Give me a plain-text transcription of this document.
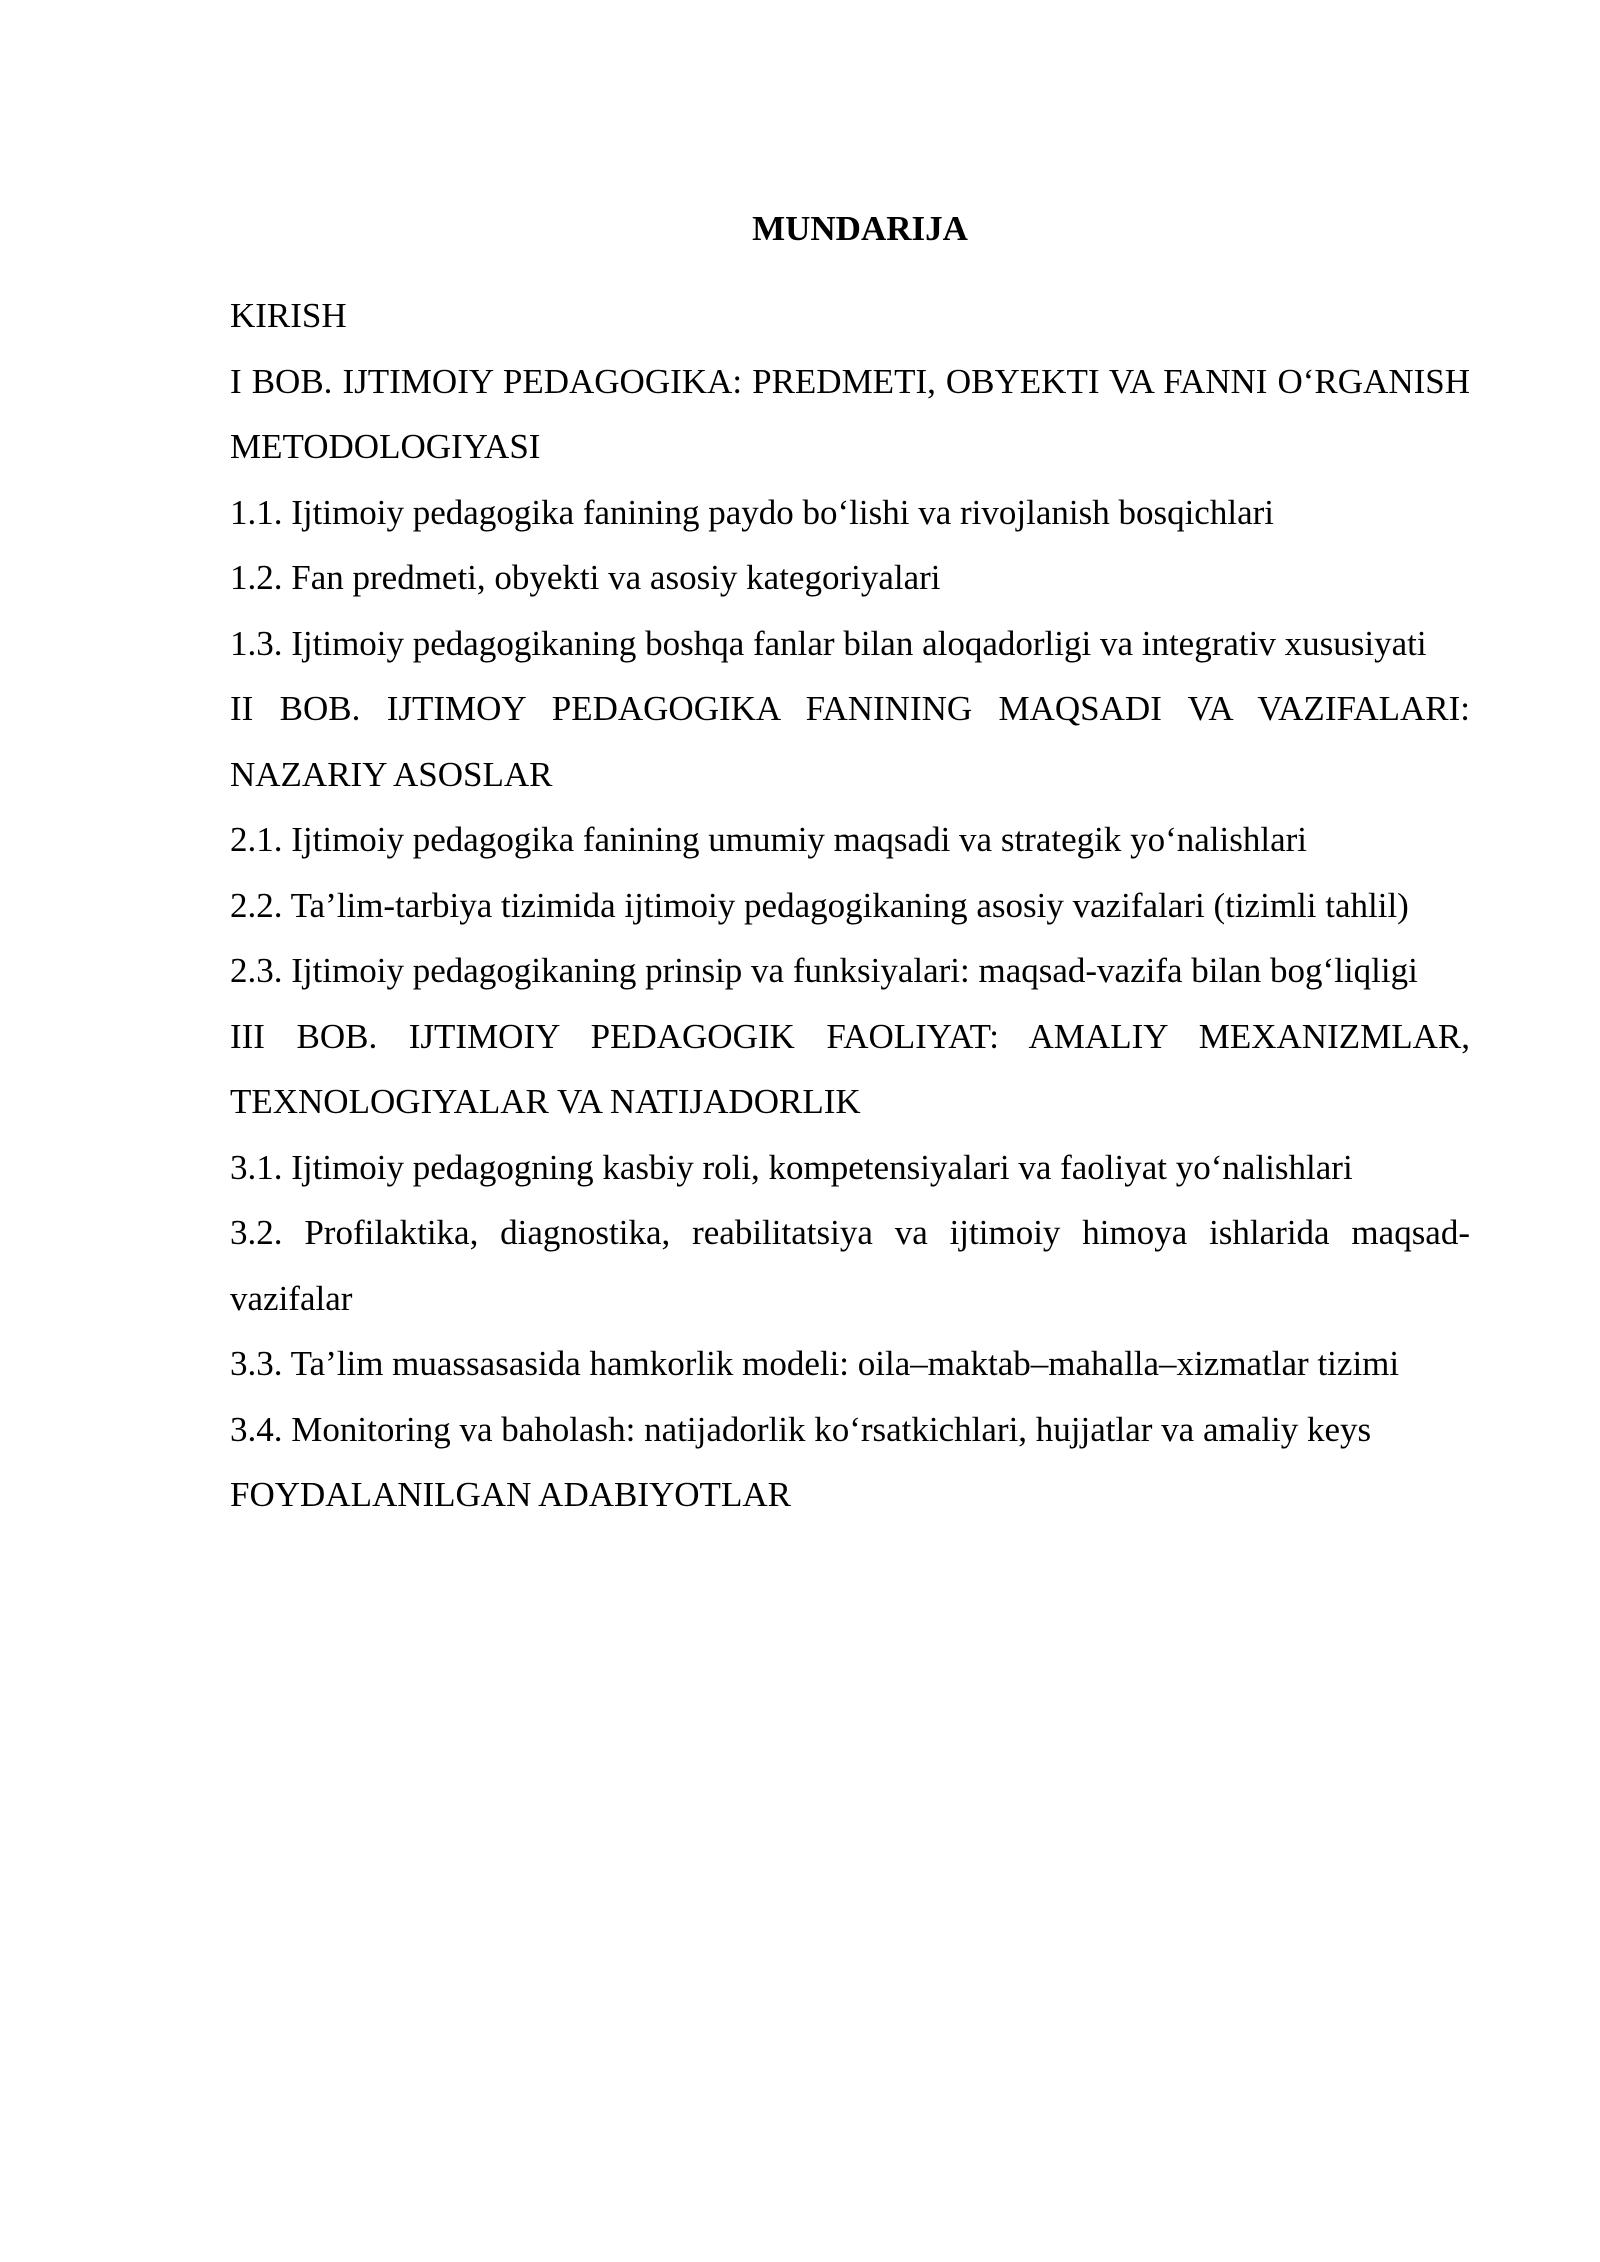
MUNDARIJA

KIRISH

I BOB. IJTIMOIY PEDAGOGIKA: PREDMETI, OBYEKTI VA FANNI O‘RGANISH METODOLOGIYASI

1.1. Ijtimoiy pedagogika fanining paydo bo‘lishi va rivojlanish bosqichlari

1.2. Fan predmeti, obyekti va asosiy kategoriyalari

1.3. Ijtimoiy pedagogikaning boshqa fanlar bilan aloqadorligi va integrativ xususiyati

II BOB. IJTIMOY PEDAGOGIKA FANINING MAQSADI VA VAZIFALARI: NAZARIY ASOSLAR

2.1. Ijtimoiy pedagogika fanining umumiy maqsadi va strategik yo‘nalishlari

2.2. Ta’lim-tarbiya tizimida ijtimoiy pedagogikaning asosiy vazifalari (tizimli tahlil)

2.3. Ijtimoiy pedagogikaning prinsip va funksiyalari: maqsad-vazifa bilan bog‘liqligi

III BOB. IJTIMOIY PEDAGOGIK FAOLIYAT: AMALIY MEXANIZMLAR, TEXNOLOGIYALAR VA NATIJADORLIK

3.1. Ijtimoiy pedagogning kasbiy roli, kompetensiyalari va faoliyat yo‘nalishlari

3.2. Profilaktika, diagnostika, reabilitatsiya va ijtimoiy himoya ishlarida maqsad-vazifalar

3.3. Ta’lim muassasasida hamkorlik modeli: oila–maktab–mahalla–xizmatlar tizimi

3.4. Monitoring va baholash: natijadorlik ko‘rsatkichlari, hujjatlar va amaliy keys

FOYDALANILGAN ADABIYOTLAR
